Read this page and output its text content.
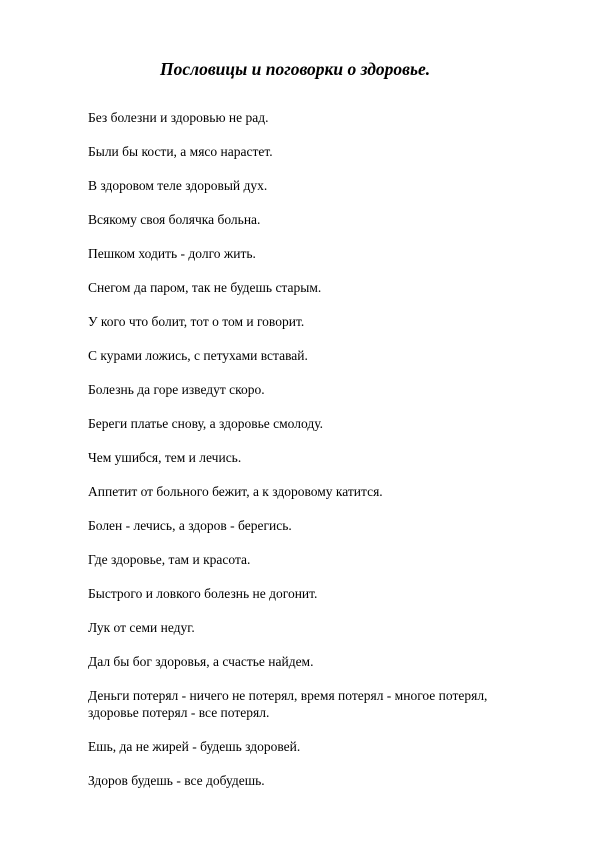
Пословицы и поговорки о здоровье.
Без болезни и здоровью не рад.
Были бы кости, а мясо нарастет.
В здоровом теле здоровый дух.
Всякому своя болячка больна.
Пешком ходить - долго жить.
Снегом да паром, так не будешь старым.
У кого что болит, тот о том и говорит.
С курами ложись, с петухами вставай.
Болезнь да горе изведут скоро.
Береги платье снову, а здоровье смолоду.
Чем ушибся, тем и лечись.
Аппетит от больного бежит, а к здоровому катится.
Болен - лечись, а здоров - берегись.
Где здоровье, там и красота.
Быстрого и ловкого болезнь не догонит.
Лук от семи недуг.
Дал бы бог здоровья, а счастье найдем.
Деньги потерял - ничего не потерял, время потерял - многое потерял,
здоровье потерял - все потерял.
Ешь, да не жирей - будешь здоровей.
Здоров будешь - все добудешь.
